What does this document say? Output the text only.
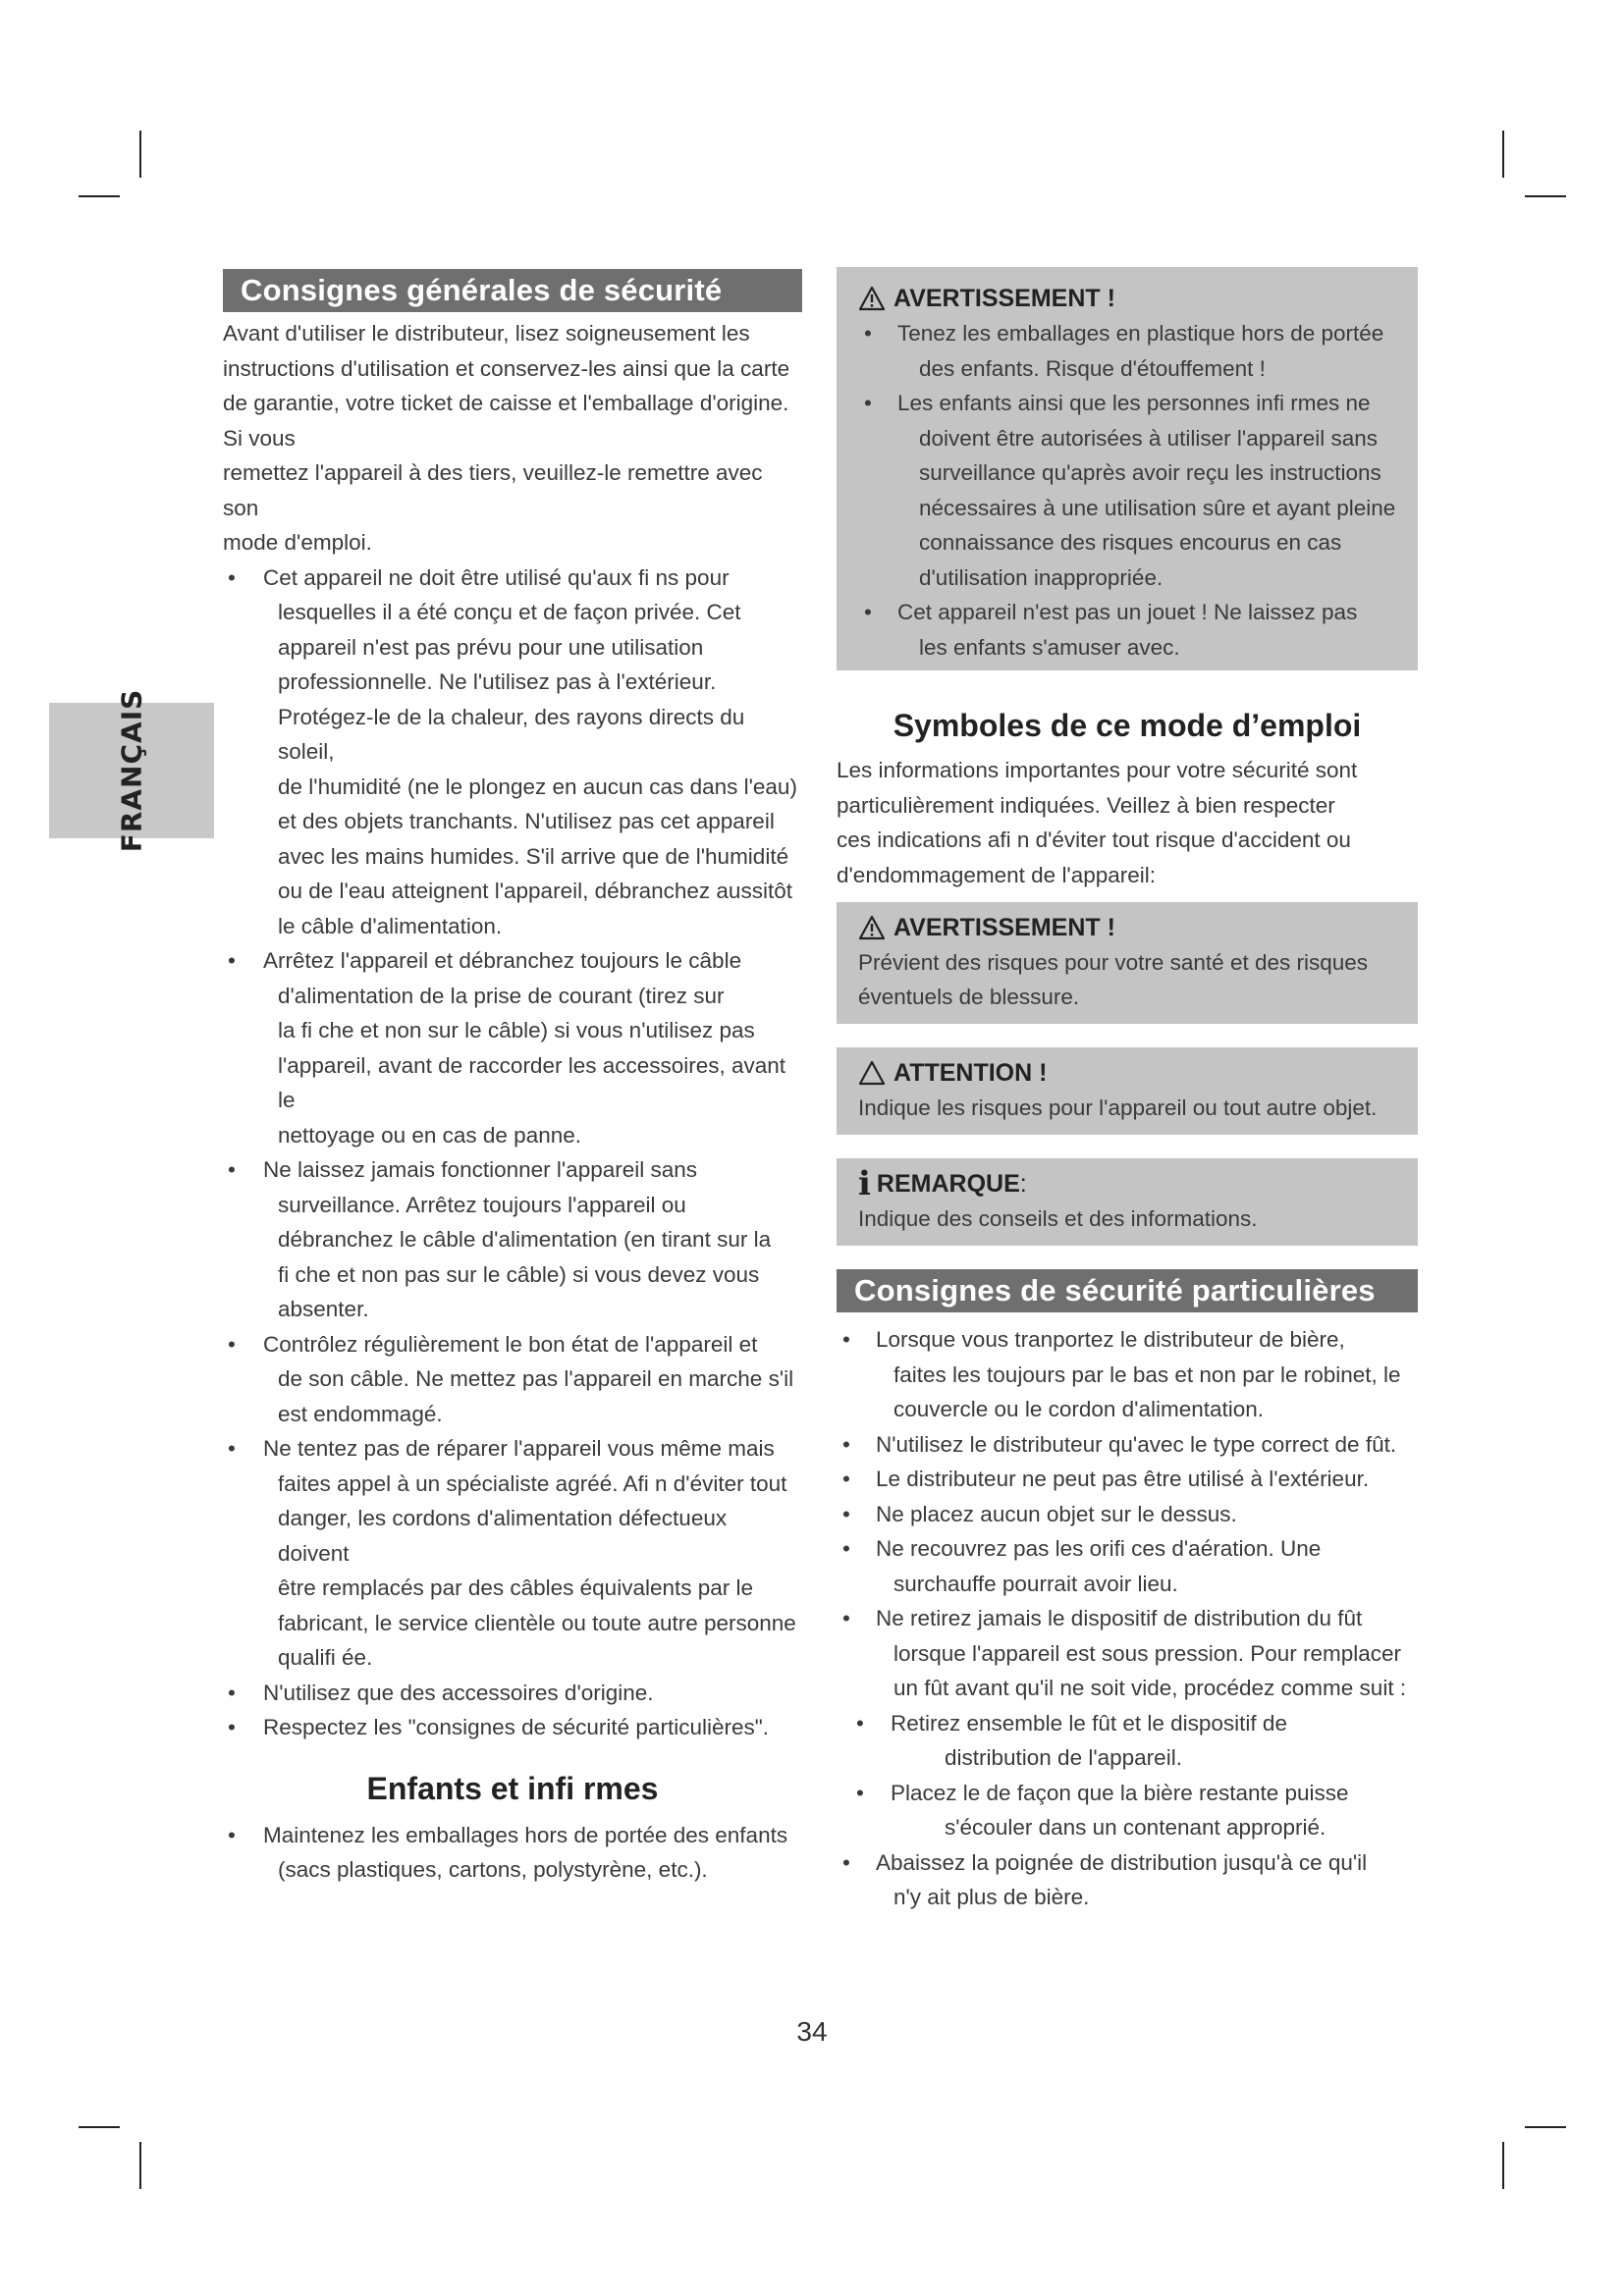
FRANÇAIS
Consignes générales de sécurité
Avant d'utiliser le distributeur, lisez soigneusement les
instructions d'utilisation et conservez-les ainsi que la carte
de garantie, votre ticket de caisse et l'emballage d'origine.
Si vous
remettez l'appareil à des tiers, veuillez-le remettre avec son
mode d'emploi.
• Cet appareil ne doit être utilisé qu'aux fi ns pour
lesquelles il a été conçu et de façon privée. Cet
appareil n'est pas prévu pour une utilisation
professionnelle. Ne l'utilisez pas à l'extérieur.
Protégez-le de la chaleur, des rayons directs du soleil,
de l'humidité (ne le plongez en aucun cas dans l'eau)
et des objets tranchants. N'utilisez pas cet appareil
avec les mains humides. S'il arrive que de l'humidité
ou de l'eau atteignent l'appareil, débranchez aussitôt
le câble d'alimentation.
• Arrêtez l'appareil et débranchez toujours le câble
d'alimentation de la prise de courant (tirez sur
la fi che et non sur le câble) si vous n'utilisez pas
l'appareil, avant de raccorder les accessoires, avant le
nettoyage ou en cas de panne.
• Ne laissez jamais fonctionner l'appareil sans
surveillance. Arrêtez toujours l'appareil ou
débranchez le câble d'alimentation (en tirant sur la
fi che et non pas sur le câble) si vous devez vous
absenter.
• Contrôlez régulièrement le bon état de l'appareil et
de son câble. Ne mettez pas l'appareil en marche s'il
est endommagé.
• Ne tentez pas de réparer l'appareil vous même mais
faites appel à un spécialiste agréé. Afi n d'éviter tout
danger, les cordons d'alimentation défectueux doivent
être remplacés par des câbles équivalents par le
fabricant, le service clientèle ou toute autre personne
qualifi ée.
• N'utilisez que des accessoires d'origine.
• Respectez les "consignes de sécurité particulières".

Enfants et infi rmes

• Maintenez les emballages hors de portée des enfants
(sacs plastiques, cartons, polystyrène, etc.).
AVERTISSEMENT !
• Tenez les emballages en plastique hors de portée
des enfants. Risque d'étouffement !
• Les enfants ainsi que les personnes infi rmes ne
doivent être autorisées à utiliser l'appareil sans
surveillance qu'après avoir reçu les instructions
nécessaires à une utilisation sûre et ayant pleine
connaissance des risques encourus en cas
d'utilisation inappropriée.
• Cet appareil n'est pas un jouet ! Ne laissez pas
les enfants s'amuser avec.

Symboles de ce mode d’emploi

Les informations importantes pour votre sécurité sont
particulièrement indiquées. Veillez à bien respecter
ces indications afi n d'éviter tout risque d'accident ou
d'endommagement de l'appareil:
AVERTISSEMENT !
Prévient des risques pour votre santé et des risques
éventuels de blessure.
ATTENTION !
Indique les risques pour l'appareil ou tout autre objet.
i REMARQUE :
Indique des conseils et des informations.
Consignes de sécurité particulières
• Lorsque vous tranportez le distributeur de bière,
faites les toujours par le bas et non par le robinet, le
couvercle ou le cordon d'alimentation.
• N'utilisez le distributeur qu'avec le type correct de fût.
• Le distributeur ne peut pas être utilisé à l'extérieur.
• Ne placez aucun objet sur le dessus.
• Ne recouvrez pas les orifi ces d'aération. Une
surchauffe pourrait avoir lieu.
• Ne retirez jamais le dispositif de distribution du fût
lorsque l'appareil est sous pression. Pour remplacer
un fût avant qu'il ne soit vide, procédez comme suit :
• Retirez ensemble le fût et le dispositif de
distribution de l'appareil.
• Placez le de façon que la bière restante puisse
s'écouler dans un contenant approprié.
• Abaissez la poignée de distribution jusqu'à ce qu'il
n'y ait plus de bière.
34
